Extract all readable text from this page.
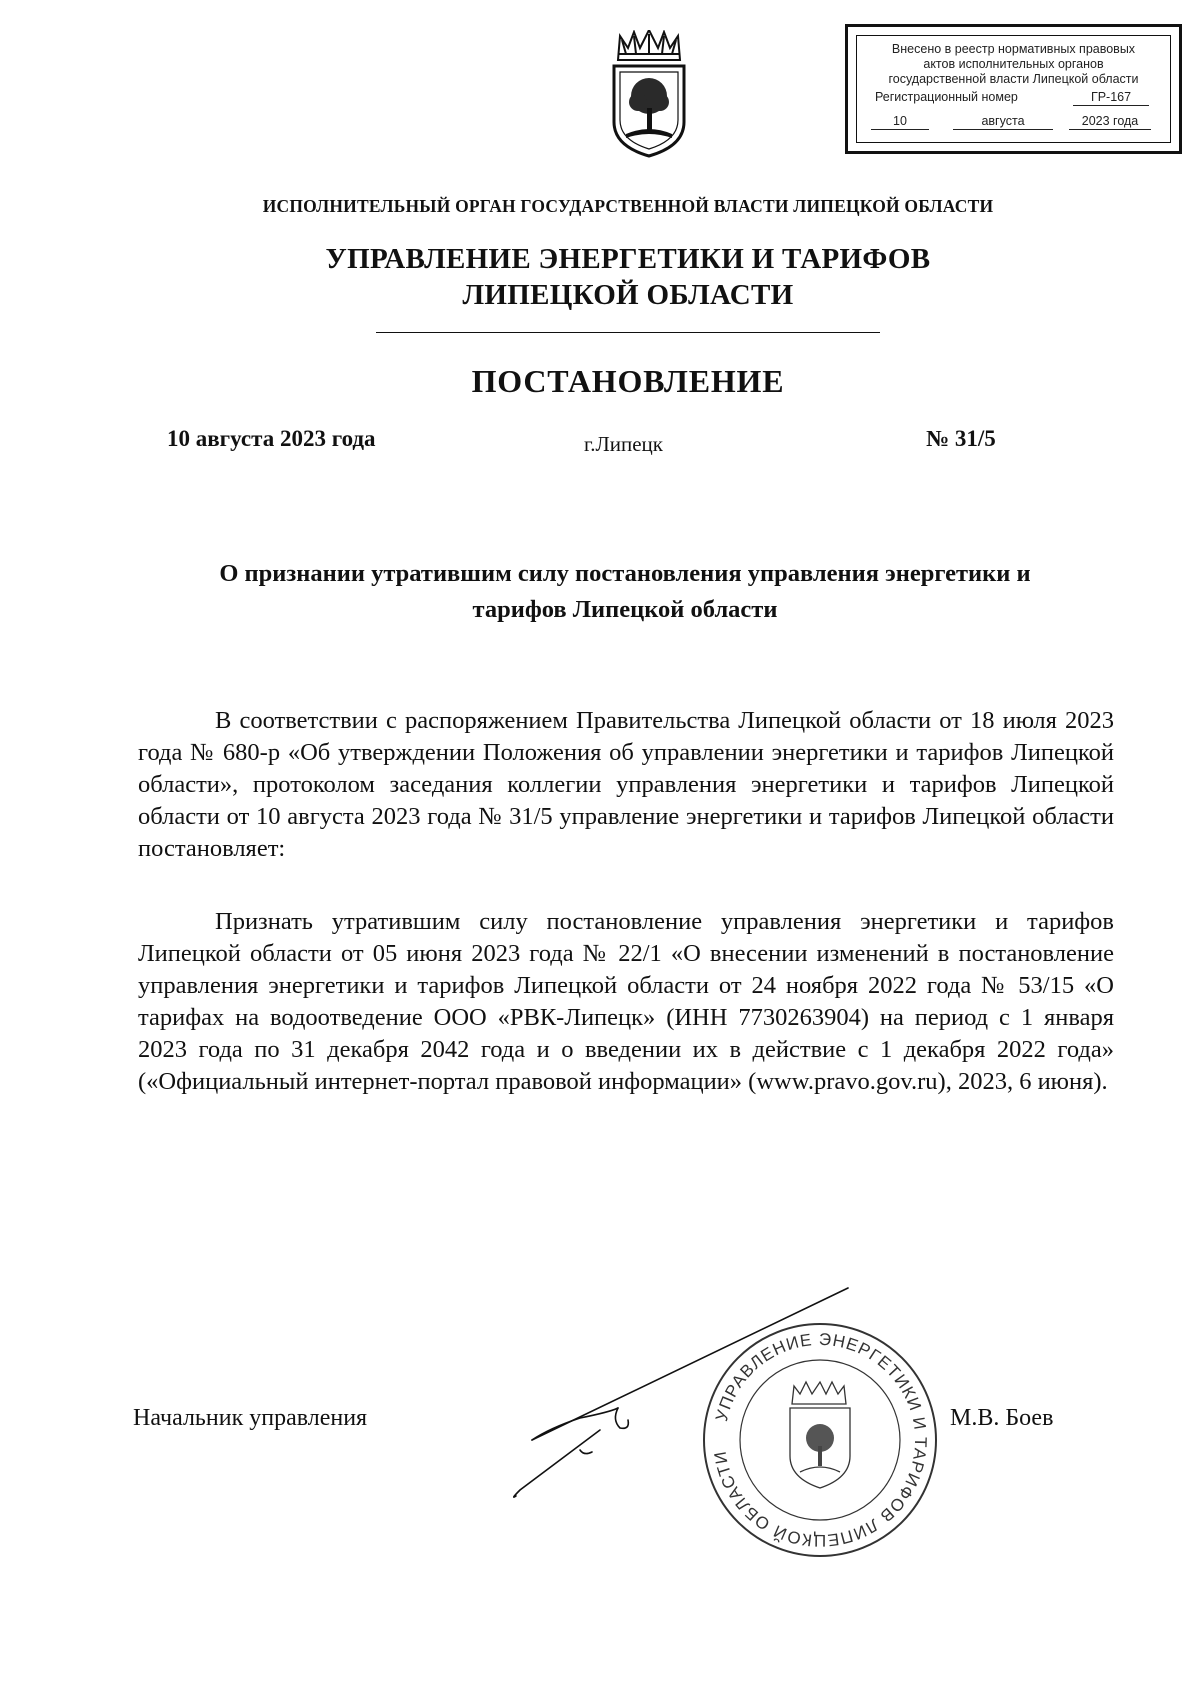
Внесено в реестр нормативных правовых
актов исполнительных органов
государственной власти Липецкой области
Регистрационный номер	ГР-167
10	августа	2023 года
ИСПОЛНИТЕЛЬНЫЙ ОРГАН ГОСУДАРСТВЕННОЙ ВЛАСТИ ЛИПЕЦКОЙ ОБЛАСТИ
УПРАВЛЕНИЕ ЭНЕРГЕТИКИ И ТАРИФОВ
ЛИПЕЦКОЙ ОБЛАСТИ
ПОСТАНОВЛЕНИЕ
10 августа 2023 года	г.Липецк	№ 31/5
О признании утратившим силу постановления управления энергетики и
тарифов Липецкой области
В соответствии с распоряжением Правительства Липецкой области от 18 июля 2023 года № 680-р «Об утверждении Положения об управлении энергетики и тарифов Липецкой области», протоколом заседания коллегии управления энергетики и тарифов Липецкой области от 10 августа 2023 года № 31/5 управление энергетики и тарифов Липецкой области постановляет:
Признать утратившим силу постановление управления энергетики и тарифов Липецкой области от 05 июня 2023 года № 22/1 «О внесении изменений в постановление управления энергетики и тарифов Липецкой области от 24 ноября 2022 года № 53/15 «О тарифах на водоотведение ООО «РВК-Липецк» (ИНН 7730263904) на период с 1 января 2023 года по 31 декабря 2042 года и о введении их в действие с 1 декабря 2022 года» («Официальный интернет-портал правовой информации» (www.pravo.gov.ru), 2023, 6 июня).
Начальник управления	М.В. Боев
УПРАВЛЕНИЕ ЭНЕРГЕТИКИ И ТАРИФОВ ЛИПЕЦКОЙ ОБЛАСТИ
